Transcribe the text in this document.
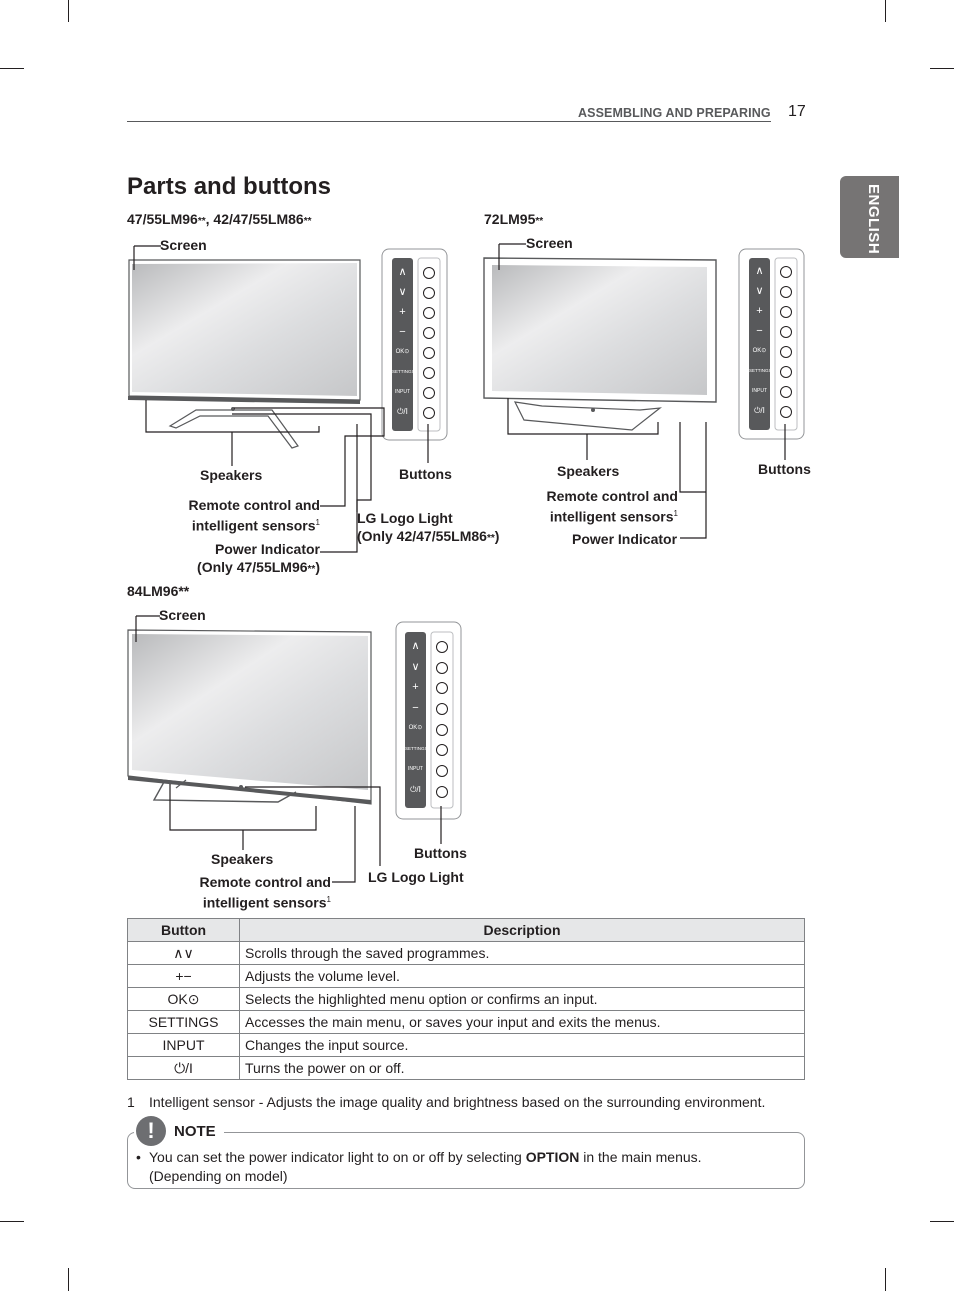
ASSEMBLING AND PREPARING 17
ENGLISH
Parts and buttons
∧
∨
+
−
OK⊙
SETTINGS
INPUT
⏻/I
∧
∨
+
−
OK⊙
SETTINGS
INPUT
⏻/I
∧
∨
+
−
OK⊙
SETTINGS
INPUT
⏻/I
47/55LM96**, 42/47/55LM86**
Screen
Speakers	Buttons
Remote control and
intelligent sensors$^1$
Power Indicator
(Only 47/55LM96**)
LG Logo Light
(Only 42/47/55LM86**)
72LM95**
Screen
Speakers	Buttons
Remote control and
intelligent sensors$^1$
Power Indicator
84LM96**
Screen
Speakers	Buttons
Remote control and
intelligent sensors$^1$
LG Logo Light
Button	Description
∧∨	Scrolls through the saved programmes.
+−	Adjusts the volume level.
OK⊙	Selects the highlighted menu option or confirms an input.
SETTINGS	Accesses the main menu, or saves your input and exits the menus.
INPUT	Changes the input source.
⏻/I	Turns the power on or off.
1 Intelligent sensor - Adjusts the image quality and brightness based on the surrounding environment.
!	NOTE
• You can set the power indicator light to on or off by selecting OPTION in the main menus.
(Depending on model)
